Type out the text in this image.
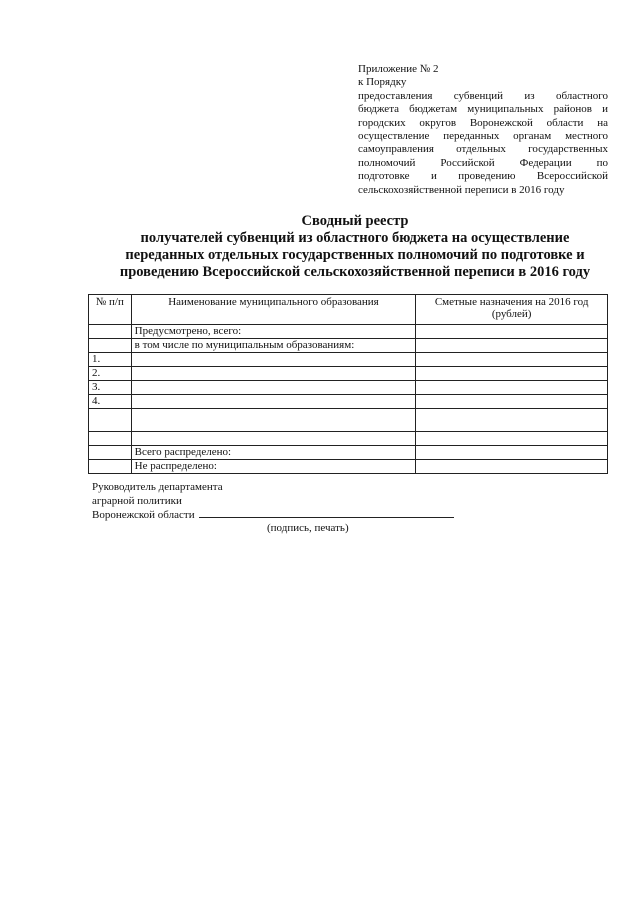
Приложение № 2
к Порядку
предоставления субвенций из областного
бюджета бюджетам муниципальных районов и
городских округов Воронежской области на
осуществление переданных органам местного
самоуправления отдельных государственных
полномочий Российской Федерации по
подготовке и проведению Всероссийской
сельскохозяйственной переписи в 2016 году
Сводный реестр
получателей субвенций из областного бюджета на осуществление
переданных отдельных государственных полномочий по подготовке и
проведению Всероссийской сельскохозяйственной переписи в 2016 году
№ п/п	Наименование муниципального образования	Сметные назначения на 2016 год
(рублей)
	Предусмотрено, всего:	
	в том числе по муниципальным образованиям:	
1.		
2.		
3.		
4.		

	Всего распределено:	
	Не распределено:	
Руководитель департамента
аграрной политики
Воронежской области
(подпись, печать)
